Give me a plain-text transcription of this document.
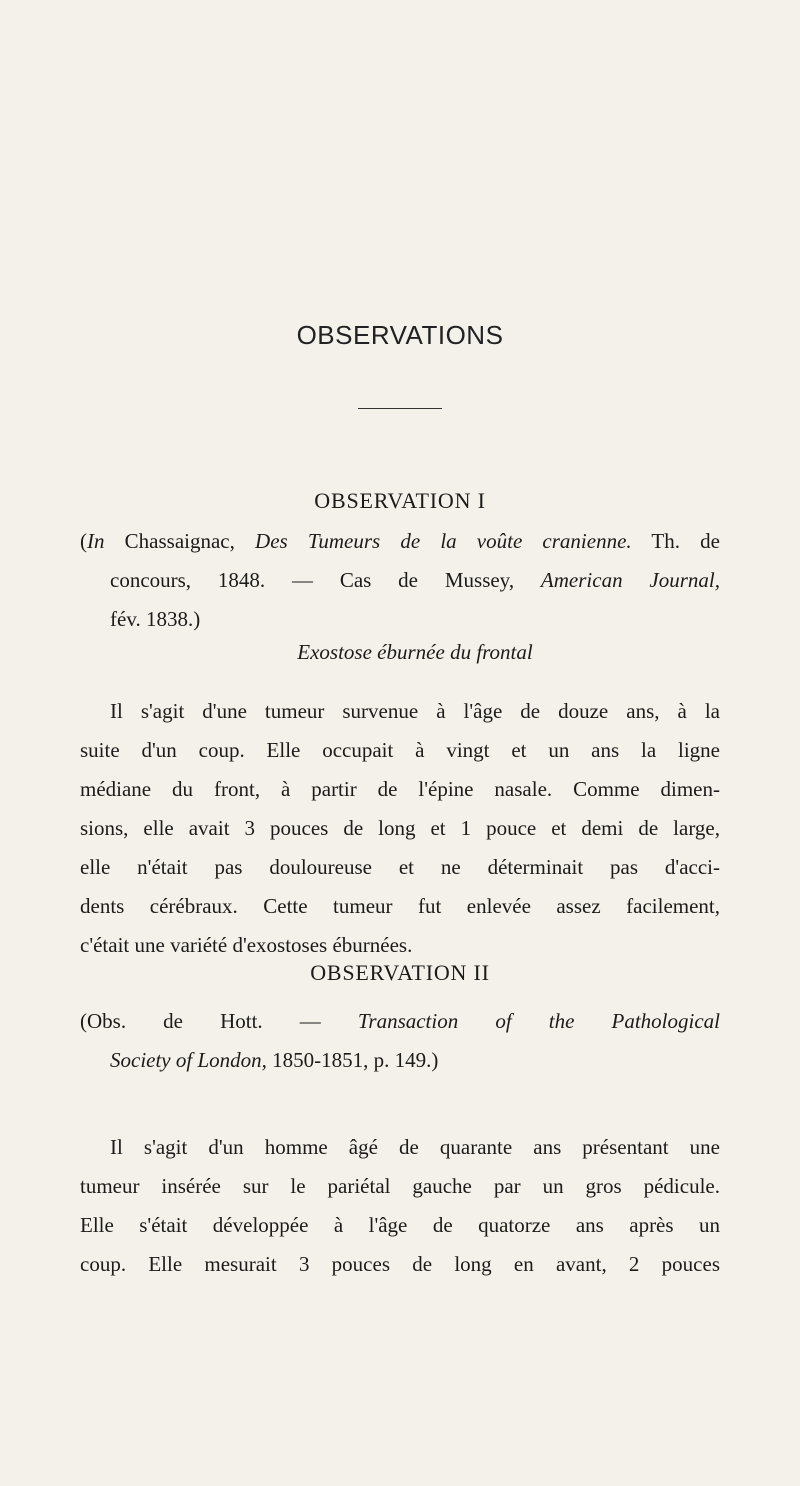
OBSERVATIONS
OBSERVATION I
(In Chassaignac, Des Tumeurs de la voûte cranienne. Th. de
concours, 1848. — Cas de Mussey, American Journal,
fév. 1838.)
Exostose éburnée du frontal
Il s'agit d'une tumeur survenue à l'âge de douze ans, à la
suite d'un coup. Elle occupait à vingt et un ans la ligne
médiane du front, à partir de l'épine nasale. Comme dimen-
sions, elle avait 3 pouces de long et 1 pouce et demi de large,
elle n'était pas douloureuse et ne déterminait pas d'acci-
dents cérébraux. Cette tumeur fut enlevée assez facilement,
c'était une variété d'exostoses éburnées.
OBSERVATION II
(Obs. de Hott. — Transaction of the Pathological
Society of London, 1850-1851, p. 149.)
Il s'agit d'un homme âgé de quarante ans présentant une
tumeur insérée sur le pariétal gauche par un gros pédicule.
Elle s'était développée à l'âge de quatorze ans après un
coup. Elle mesurait 3 pouces de long en avant, 2 pouces
